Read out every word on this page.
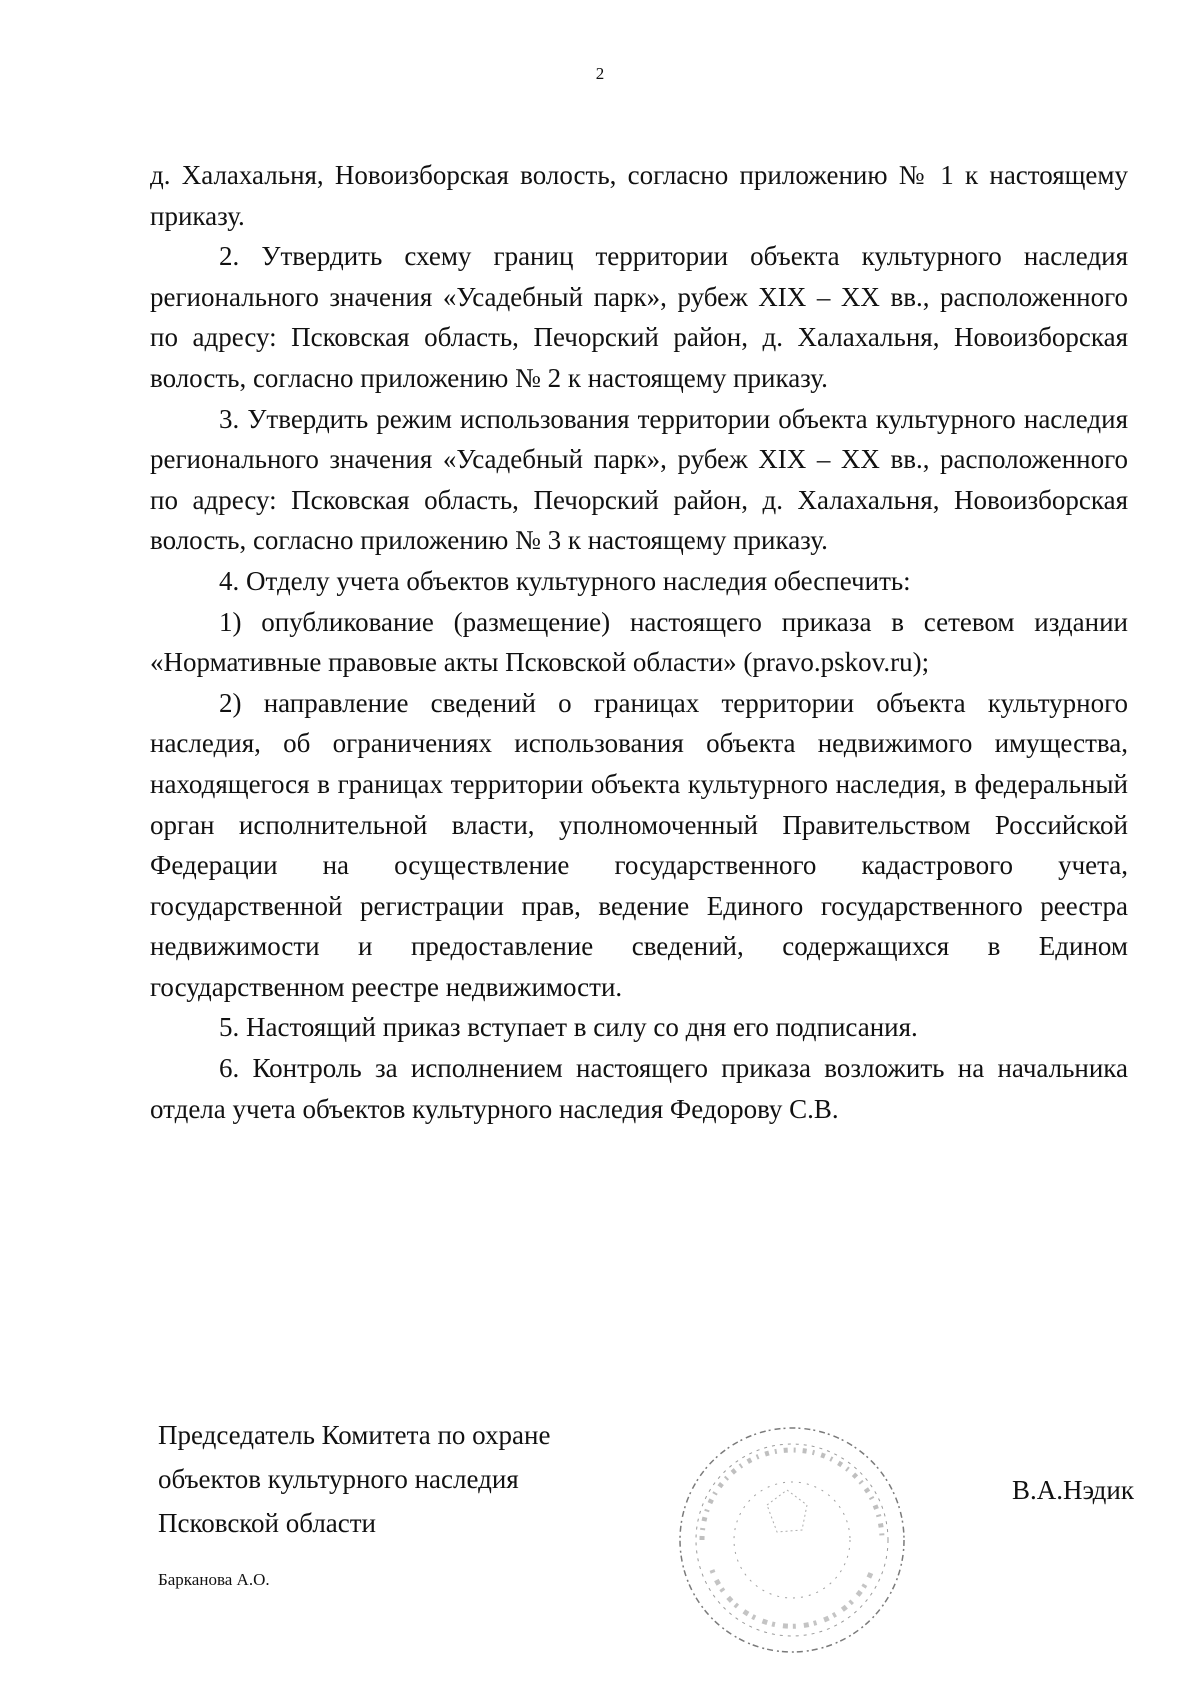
2

д. Халахальня, Новоизборская волость, согласно приложению № 1 к настоящему приказу.

2. Утвердить схему границ территории объекта культурного наследия регионального значения «Усадебный парк», рубеж XIX – XX вв., расположенного по адресу: Псковская область, Печорский район, д. Халахальня, Новоизборская волость, согласно приложению № 2 к настоящему приказу.

3. Утвердить режим использования территории объекта культурного наследия регионального значения «Усадебный парк», рубеж XIX – XX вв., расположенного по адресу: Псковская область, Печорский район, д. Халахальня, Новоизборская волость, согласно приложению № 3 к настоящему приказу.

4. Отделу учета объектов культурного наследия обеспечить:

1) опубликование (размещение) настоящего приказа в сетевом издании «Нормативные правовые акты Псковской области» (pravo.pskov.ru);

2) направление сведений о границах территории объекта культурного наследия, об ограничениях использования объекта недвижимого имущества, находящегося в границах территории объекта культурного наследия, в федеральный орган исполнительной власти, уполномоченный Правительством Российской Федерации на осуществление государственного кадастрового учета, государственной регистрации прав, ведение Единого государственного реестра недвижимости и предоставление сведений, содержащихся в Едином государственном реестре недвижимости.

5. Настоящий приказ вступает в силу со дня его подписания.

6. Контроль за исполнением настоящего приказа возложить на начальника отдела учета объектов культурного наследия Федорову С.В.

Председатель Комитета по охране
объектов культурного наследия
Псковской области
В.А.Нэдик
Барканова А.О.
